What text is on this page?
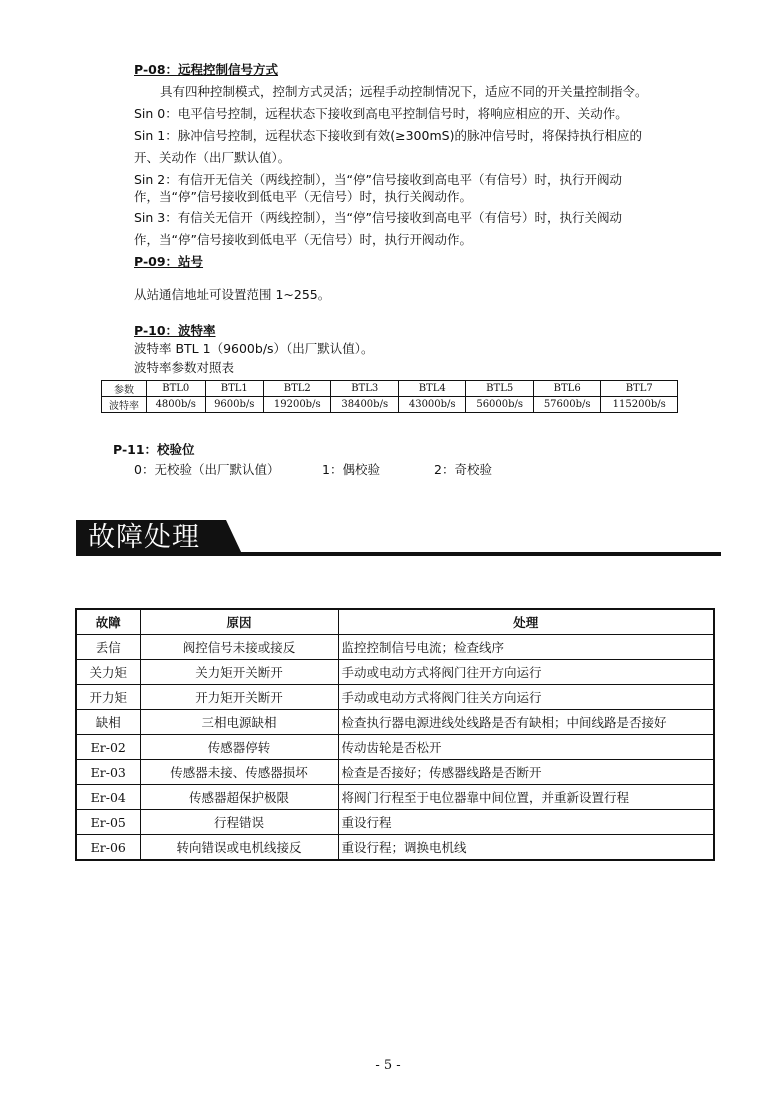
P-08：远程控制信号方式
具有四种控制模式，控制方式灵活；远程手动控制情况下，适应不同的开关量控制指令。
Sin 0：电平信号控制，远程状态下接收到高电平控制信号时，将响应相应的开、关动作。
Sin 1：脉冲信号控制，远程状态下接收到有效(≥300mS)的脉冲信号时，将保持执行相应的
开、关动作（出厂默认值）。
Sin 2：有信开无信关（两线控制），当“停”信号接收到高电平（有信号）时，执行开阀动
作，当“停”信号接收到低电平（无信号）时，执行关阀动作。
Sin 3：有信关无信开（两线控制），当“停”信号接收到高电平（有信号）时，执行关阀动
作，当“停”信号接收到低电平（无信号）时，执行开阀动作。
P-09：站号
从站通信地址可设置范围 1~255。
P-10：波特率
波特率 BTL 1（9600b/s）（出厂默认值）。
波特率参数对照表
参数	BTL0	BTL1	BTL2	BTL3	BTL4	BTL5	BTL6	BTL7
波特率	4800b/s	9600b/s	19200b/s	38400b/s	43000b/s	56000b/s	57600b/s	115200b/s
P-11：校验位
0：无校验（出厂默认值）	1：偶校验	2：奇校验
故障处理
故障	原因	处理
丢信	阀控信号未接或接反	监控控制信号电流；检查线序
关力矩	关力矩开关断开	手动或电动方式将阀门往开方向运行
开力矩	开力矩开关断开	手动或电动方式将阀门往关方向运行
缺相	三相电源缺相	检查执行器电源进线处线路是否有缺相；中间线路是否接好
Er-02	传感器停转	传动齿轮是否松开
Er-03	传感器未接、传感器损坏	检查是否接好；传感器线路是否断开
Er-04	传感器超保护极限	将阀门行程至于电位器靠中间位置，并重新设置行程
Er-05	行程错误	重设行程
Er-06	转向错误或电机线接反	重设行程；调换电机线
- 5 -
